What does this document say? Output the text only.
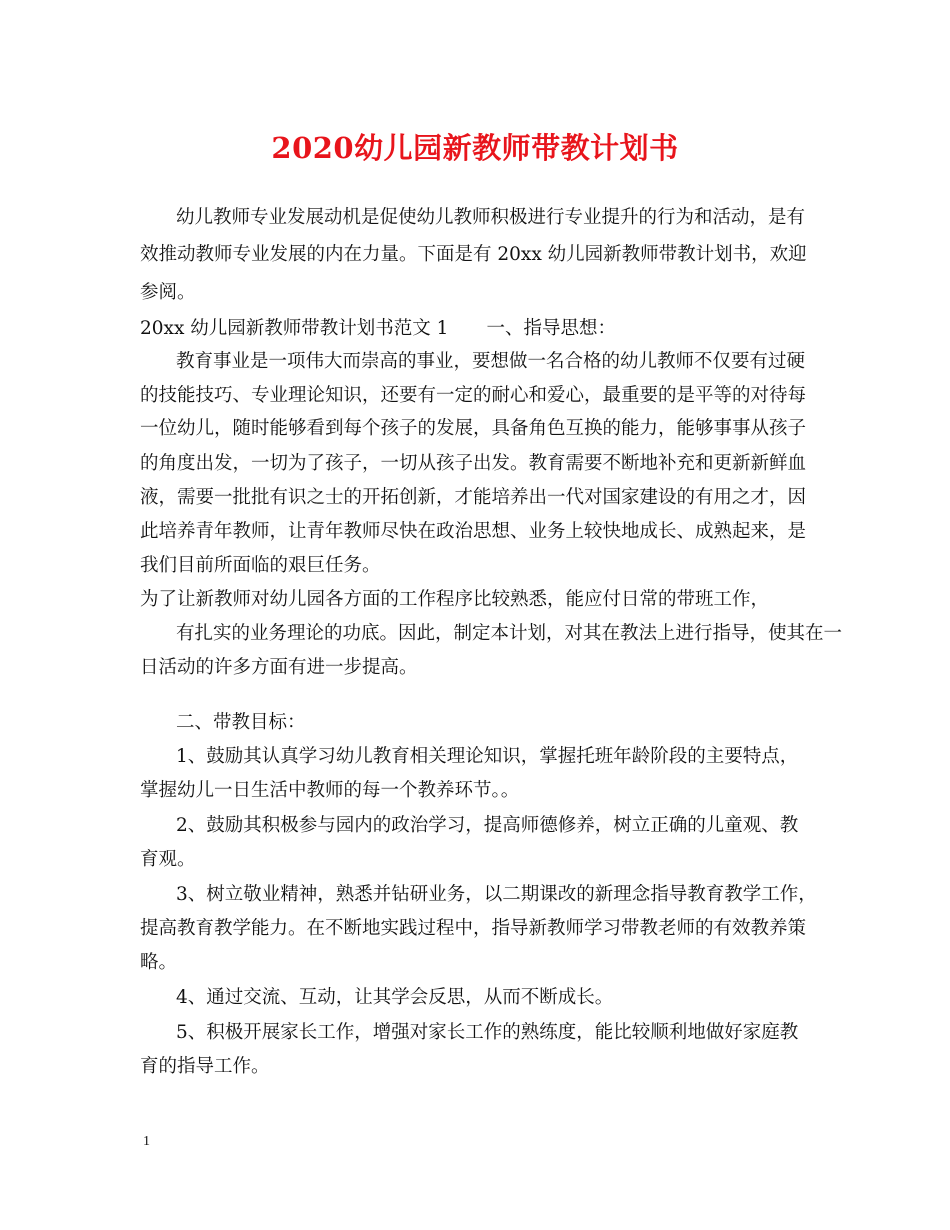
2020幼儿园新教师带教计划书

幼儿教师专业发展动机是促使幼儿教师积极进行专业提升的行为和活动，是有

效推动教师专业发展的内在力量。下面是有 20xx 幼儿园新教师带教计划书，欢迎

参阅。

20xx 幼儿园新教师带教计划书范文 1 一、指导思想：

教育事业是一项伟大而崇高的事业，要想做一名合格的幼儿教师不仅要有过硬

的技能技巧、专业理论知识，还要有一定的耐心和爱心，最重要的是平等的对待每

一位幼儿，随时能够看到每个孩子的发展，具备角色互换的能力，能够事事从孩子

的角度出发，一切为了孩子，一切从孩子出发。教育需要不断地补充和更新新鲜血

液，需要一批批有识之士的开拓创新，才能培养出一代对国家建设的有用之才，因

此培养青年教师，让青年教师尽快在政治思想、业务上较快地成长、成熟起来，是

我们目前所面临的艰巨任务。

为了让新教师对幼儿园各方面的工作程序比较熟悉，能应付日常的带班工作，

有扎实的业务理论的功底。因此，制定本计划，对其在教法上进行指导，使其在一

日活动的许多方面有进一步提高。

二、带教目标：

1、鼓励其认真学习幼儿教育相关理论知识，掌握托班年龄阶段的主要特点，

掌握幼儿一日生活中教师的每一个教养环节。。

2、鼓励其积极参与园内的政治学习，提高师德修养，树立正确的儿童观、教

育观。

3、树立敬业精神，熟悉并钻研业务，以二期课改的新理念指导教育教学工作，

提高教育教学能力。在不断地实践过程中，指导新教师学习带教老师的有效教养策

略。

4、通过交流、互动，让其学会反思，从而不断成长。

5、积极开展家长工作，增强对家长工作的熟练度，能比较顺利地做好家庭教

育的指导工作。

1
